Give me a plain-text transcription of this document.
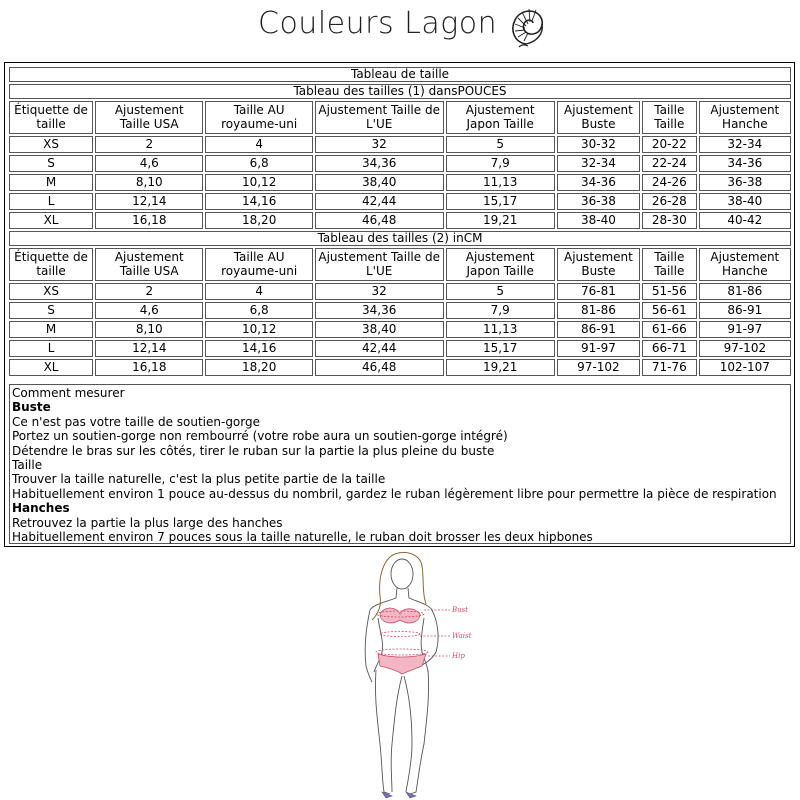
Couleurs Lagon
Tableau de taille							
Tableau des tailles (1) dansPOUCES							
Étiquette de taille	Ajustement Taille USA	Taille AU royaume-uni	Ajustement Taille de L'UE	Ajustement Japon Taille	Ajustement Buste	Taille Taille	Ajustement Hanche
XS	2	4	32	5	30-32	20-22	32-34
S	4,6	6,8	34,36	7,9	32-34	22-24	34-36
M	8,10	10,12	38,40	11,13	34-36	24-26	36-38
L	12,14	14,16	42,44	15,17	36-38	26-28	38-40
XL	16,18	18,20	46,48	19,21	38-40	28-30	40-42
Tableau des tailles (2) inCM							
Étiquette de taille	Ajustement Taille USA	Taille AU royaume-uni	Ajustement Taille de L'UE	Ajustement Japon Taille	Ajustement Buste	Taille Taille	Ajustement Hanche
XS	2	4	32	5	76-81	51-56	81-86
S	4,6	6,8	34,36	7,9	81-86	56-61	86-91
M	8,10	10,12	38,40	11,13	86-91	61-66	91-97
L	12,14	14,16	42,44	15,17	91-97	66-71	97-102
XL	16,18	18,20	46,48	19,21	97-102	71-76	102-107
Comment mesurer
Buste
Ce n'est pas votre taille de soutien-gorge
Portez un soutien-gorge non rembourré (votre robe aura un soutien-gorge intégré)
Détendre le bras sur les côtés, tirer le ruban sur la partie la plus pleine du buste
Taille
Trouver la taille naturelle, c'est la plus petite partie de la taille
Habituellement environ 1 pouce au-dessus du nombril, gardez le ruban légèrement libre pour permettre la pièce de respiration
Hanches
Retrouvez la partie la plus large des hanches
Habituellement environ 7 pouces sous la taille naturelle, le ruban doit brosser les deux hipbones
Bust
Waist
Hip
